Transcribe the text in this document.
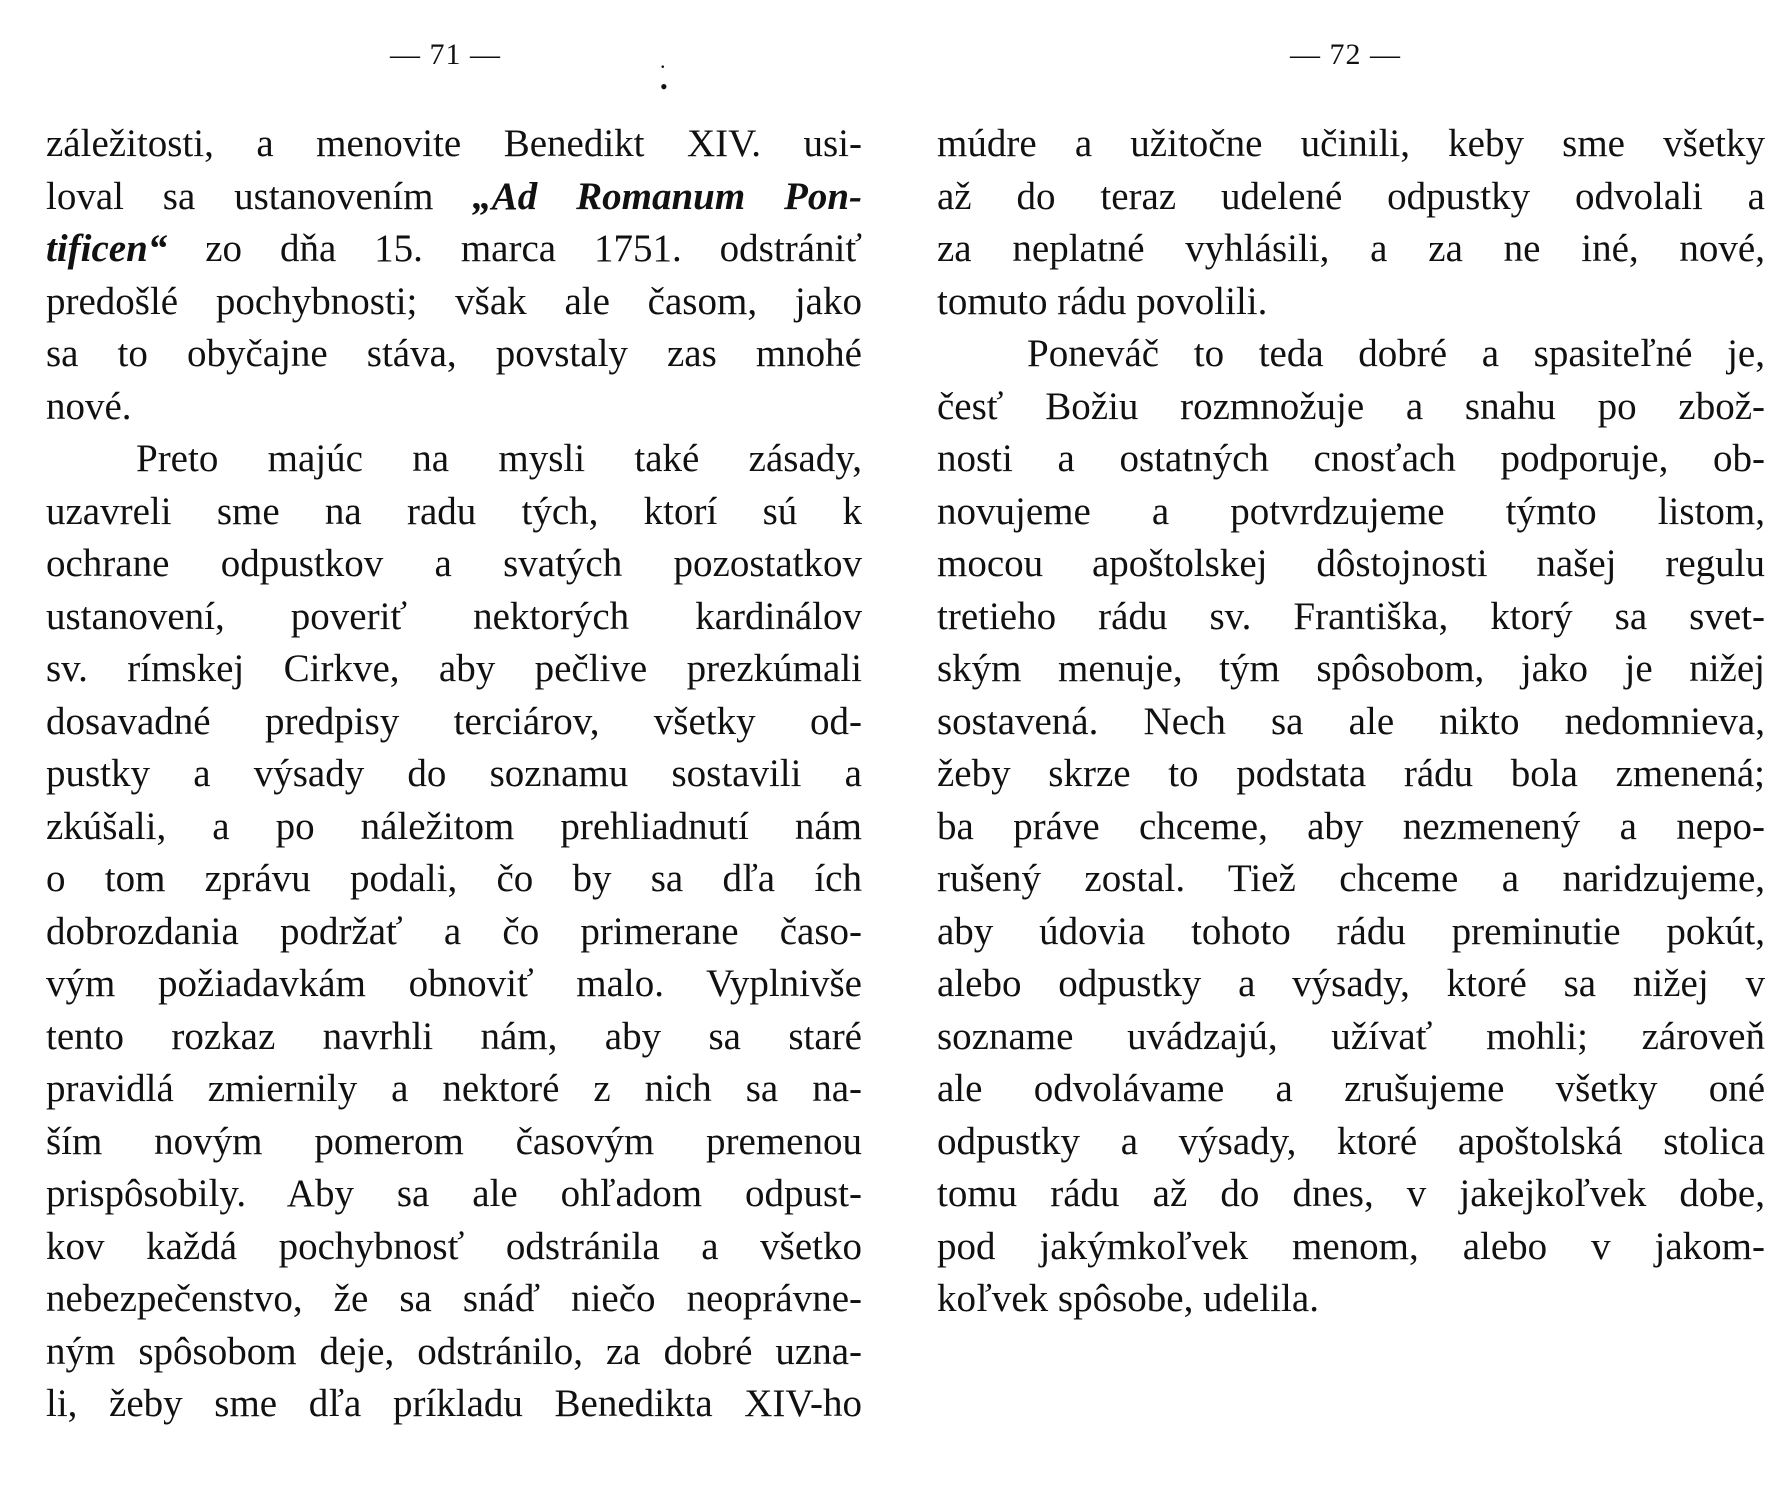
— 71 —	.•
záležitosti, a menovite Benedikt XIV. usi-
loval sa ustanovením „Ad Romanum Pon-
tificen“ zo dňa 15. marca 1751. odstrániť
predošlé pochybnosti; však ale časom, jako
sa to obyčajne stáva, povstaly zas mnohé
nové.
Preto majúc na mysli také zásady,
uzavreli sme na radu tých, ktorí sú k
ochrane odpustkov a svatých pozostatkov
ustanovení, poveriť nektorých kardinálov
sv. rímskej Cirkve, aby pečlive prezkúmali
dosavadné predpisy terciárov, všetky od-
pustky a výsady do soznamu sostavili a
zkúšali, a po náležitom prehliadnutí nám
o tom zprávu podali, čo by sa dľa ích
dobrozdania podržať a čo primerane časo-
vým požiadavkám obnoviť malo. Vyplnivše
tento rozkaz navrhli nám, aby sa staré
pravidlá zmiernily a nektoré z nich sa na-
ším novým pomerom časovým premenou
prispôsobily. Aby sa ale ohľadom odpust-
kov každá pochybnosť odstránila a všetko
nebezpečenstvo, že sa snáď niečo neoprávne-
ným spôsobom deje, odstránilo, za dobré uzna-
li, žeby sme dľa príkladu Benedikta XIV-ho
— 72 —
múdre a užitočne učinili, keby sme všetky
až do teraz udelené odpustky odvolali a
za neplatné vyhlásili, a za ne iné, nové,
tomuto rádu povolili.
Poneváč to teda dobré a spasiteľné je,
česť Božiu rozmnožuje a snahu po zbož-
nosti a ostatných cnosťach podporuje, ob-
novujeme a potvrdzujeme týmto listom,
mocou apoštolskej dôstojnosti našej regulu
tretieho rádu sv. Františka, ktorý sa svet-
ským menuje, tým spôsobom, jako je nižej
sostavená. Nech sa ale nikto nedomnieva,
žeby skrze to podstata rádu bola zmenená;
ba práve chceme, aby nezmenený a nepo-
rušený zostal. Tiež chceme a naridzujeme,
aby údovia tohoto rádu preminutie pokút,
alebo odpustky a výsady, ktoré sa nižej v
sozname uvádzajú, užívať mohli; zároveň
ale odvolávame a zrušujeme všetky oné
odpustky a výsady, ktoré apoštolská stolica
tomu rádu až do dnes, v jakejkoľvek dobe,
pod jakýmkoľvek menom, alebo v jakom-
koľvek spôsobe, udelila.
